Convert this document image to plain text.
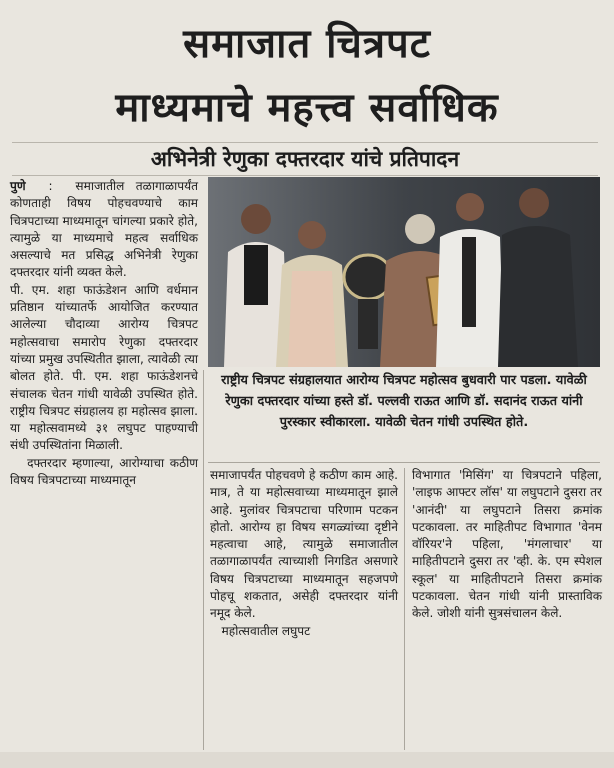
समाजात चित्रपट
माध्यमाचे महत्त्व सर्वाधिक
अभिनेत्री रेणुका दफ्तरदार यांचे प्रतिपादन
पुणे  :  समाजातील तळागाळापर्यंत कोणताही विषय पोहचवण्याचे काम चित्रपटाच्या माध्यमातून चांगल्या प्रकारे होते, त्यामुळे या माध्यमाचे महत्व सर्वाधिक असल्याचे मत प्रसिद्ध अभिनेत्री रेणुका दफ्तरदार यांनी व्यक्त केले.
पी. एम. शहा फाऊंडेशन आणि वर्धमान प्रतिष्ठान यांच्यातर्फे आयोजित करण्यात आलेल्या चौदाव्या आरोग्य चित्रपट महोत्सवाचा समारोप रेणुका दफ्तरदार यांच्या प्रमुख उपस्थितीत झाला, त्यावेळी त्या बोलत होते. पी. एम. शहा फाऊंडेशनचे संचालक चेतन गांधी यावेळी उपस्थित होते. राष्ट्रीय चित्रपट संग्रहालय हा महोत्सव झाला. या महोत्सवामध्ये ३१ लघुपट पाहण्याची संधी उपस्थितांना मिळाली.
दफ्तरदार म्हणाल्या, आरोग्याचा कठीण विषय चित्रपटाच्या माध्यमातून
राष्ट्रीय चित्रपट संग्रहालयात आरोग्य चित्रपट महोत्सव बुधवारी पार पडला. यावेळी रेणुका दफ्तरदार यांच्या हस्ते डॉ. पल्लवी राऊत आणि डॉ. सदानंद राऊत यांनी पुरस्कार स्वीकारला. यावेळी चेतन गांधी उपस्थित होते.
समाजापर्यंत पोहचवणे हे कठीण काम आहे. मात्र, ते या महोत्सवाच्या माध्यमातून झाले आहे. मुलांवर चित्रपटाचा परिणाम पटकन होतो. आरोग्य हा विषय सगळ्यांच्या दृष्टीने महत्वाचा आहे, त्यामुळे समाजातील तळागाळापर्यंत त्याच्याशी निगडित असणारे विषय चित्रपटाच्या माध्यमातून सहजपणे पोहचू शकतात, असेही दफ्तरदार यांनी नमूद केले.
महोत्सवातील लघुपट
विभागात 'मिसिंग' या चित्रपटाने पहिला, 'लाइफ आफ्टर लॉस' या लघुपटाने दुसरा तर 'आनंदी' या लघुपटाने तिसरा क्रमांक पटकावला. तर माहितीपट विभागात 'वेनम वॉरियर'ने पहिला, 'मंगलाचार' या माहितीपटाने दुसरा तर 'व्ही. के. एम स्पेशल स्कूल' या माहितीपटाने तिसरा क्रमांक पटकावला. चेतन गांधी यांनी प्रास्ताविक केले. जोशी यांनी सुत्रसंचालन केले.
